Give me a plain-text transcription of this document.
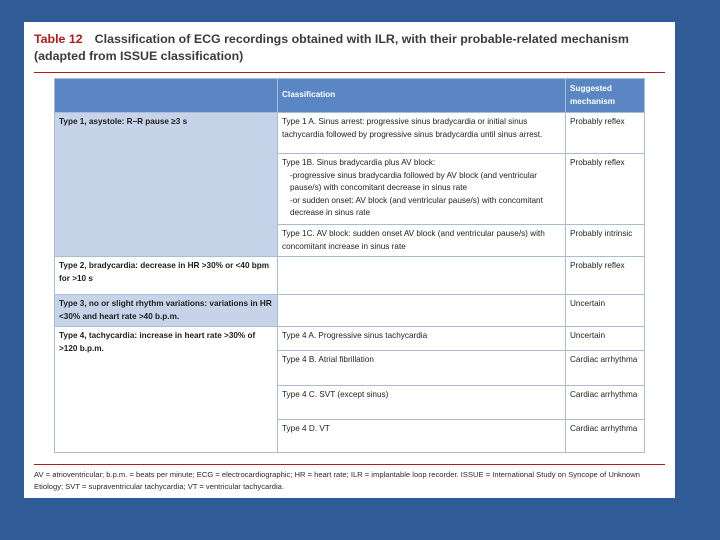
Table 12 Classification of ECG recordings obtained with ILR, with their probable-related mechanism (adapted from ISSUE classification)
	Classification	Suggested mechanism
Type 1, asystole: R–R pause ≥3 s	Type 1 A. Sinus arrest: progressive sinus bradycardia or initial sinus tachycardia followed by progressive sinus bradycardia until sinus arrest.	Probably reflex

	Type 1B. Sinus bradycardia plus AV block:
-progressive sinus bradycardia followed by AV block (and ventricular pause/s) with concomitant decrease in sinus rate
-or sudden onset: AV block (and ventricular pause/s) with concomitant decrease in sinus rate	Probably reflex

	Type 1C. AV block: sudden onset AV block (and ventricular pause/s) with concomitant increase in sinus rate	Probably intrinsic
Type 2, bradycardia: decrease in HR >30% or <40 bpm for >10 s		Probably reflex
Type 3, no or slight rhythm variations: variations in HR <30% and heart rate >40 b.p.m.		Uncertain
Type 4, tachycardia: increase in heart rate >30% of >120 b.p.m.	Type 4 A. Progressive sinus tachycardia	Uncertain

	Type 4 B. Atrial fibrillation	Cardiac arrhythma

	Type 4 C. SVT (except sinus)	Cardiac arrhythma

	Type 4 D. VT	Cardiac arrhythma
AV = atrioventricular; b.p.m. = beats per minute; ECG = electrocardiographic; HR = heart rate; ILR = implantable loop recorder. ISSUE = International Study on Syncope of Unknown Etiology; SVT = supraventricular tachycardia; VT = ventricular tachycardia.
